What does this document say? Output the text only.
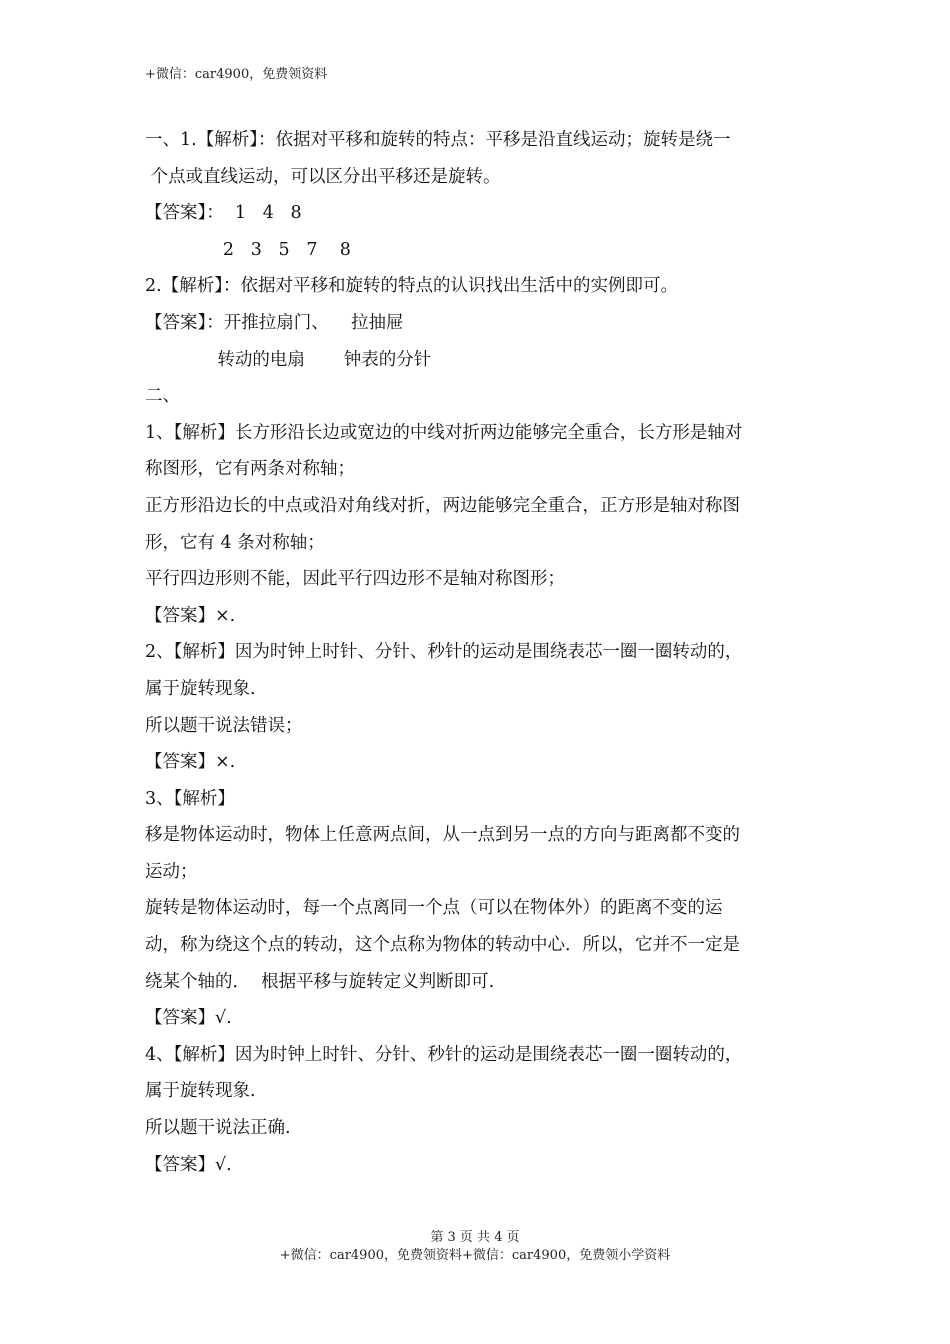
+微信：car4900，免费领资料
一、1.【解析】：依据对平移和旋转的特点：平移是沿直线运动；旋转是绕一
个点或直线运动，可以区分出平移还是旋转。
【答案】：  1   4   8
2   3   5   7    8
2.【解析】：依据对平移和旋转的特点的认识找出生活中的实例即可。
【答案】：开推拉扇门、    拉抽屉
转动的电扇       钟表的分针
二、
1、【解析】长方形沿长边或宽边的中线对折两边能够完全重合，长方形是轴对
称图形，它有两条对称轴；
正方形沿边长的中点或沿对角线对折，两边能够完全重合，正方形是轴对称图
形，它有 4 条对称轴；
平行四边形则不能，因此平行四边形不是轴对称图形；
【答案】×.
2、【解析】因为时钟上时针、分针、秒针的运动是围绕表芯一圈一圈转动的，
属于旋转现象.
所以题干说法错误；
【答案】×.
3、【解析】
移是物体运动时，物体上任意两点间，从一点到另一点的方向与距离都不变的
运动；
旋转是物体运动时，每一个点离同一个点（可以在物体外）的距离不变的运
动，称为绕这个点的转动，这个点称为物体的转动中心．所以，它并不一定是
绕某个轴的．  根据平移与旋转定义判断即可.
【答案】√.
4、【解析】因为时钟上时针、分针、秒针的运动是围绕表芯一圈一圈转动的，
属于旋转现象.
所以题干说法正确.
【答案】√.
第 3 页 共 4 页
+微信：car4900，免费领资料+微信：car4900，免费领小学资料
